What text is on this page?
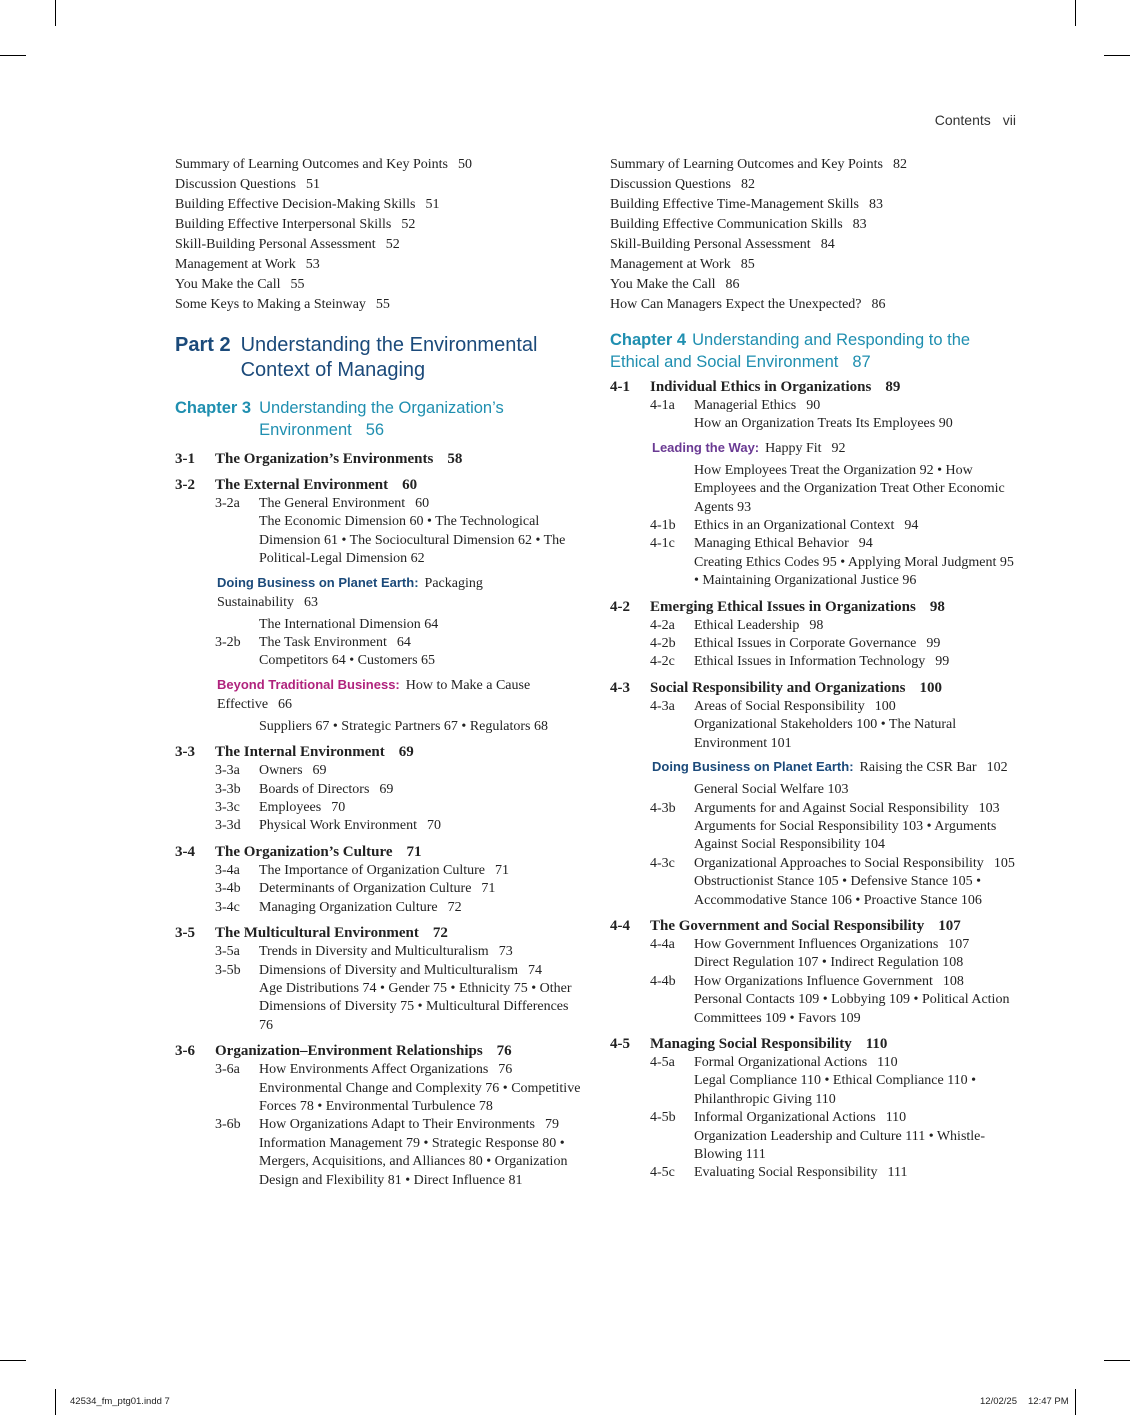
Contents vii
Summary of Learning Outcomes and Key Points 50
Discussion Questions 51
Building Effective Decision-Making Skills 51
Building Effective Interpersonal Skills 52
Skill-Building Personal Assessment 52
Management at Work 53
You Make the Call 55
Some Keys to Making a Steinway 55
Part 2 Understanding the Environmental Context of Managing
Chapter 3 Understanding the Organization’s Environment 56
3-1	The Organization’s Environments 58
3-2	The External Environment 60
3-2a	The General Environment 60
The Economic Dimension 60 • The Technological Dimension 61 • The Sociocultural Dimension 62 • The Political-Legal Dimension 62
Doing Business on Planet Earth: Packaging Sustainability 63
The International Dimension 64
3-2b	The Task Environment 64
Competitors 64 • Customers 65
Beyond Traditional Business: How to Make a Cause Effective 66
Suppliers 67 • Strategic Partners 67 • Regulators 68
3-3	The Internal Environment 69
3-3a	Owners 69
3-3b	Boards of Directors 69
3-3c	Employees 70
3-3d	Physical Work Environment 70
3-4	The Organization’s Culture 71
3-4a	The Importance of Organization Culture 71
3-4b	Determinants of Organization Culture 71
3-4c	Managing Organization Culture 72
3-5	The Multicultural Environment 72
3-5a	Trends in Diversity and Multiculturalism 73
3-5b	Dimensions of Diversity and Multiculturalism 74
Age Distributions 74 • Gender 75 • Ethnicity 75 • Other Dimensions of Diversity 75 • Multicultural Differences 76
3-6	Organization–Environment Relationships 76
3-6a	How Environments Affect Organizations 76
Environmental Change and Complexity 76 • Competitive Forces 78 • Environmental Turbulence 78
3-6b	How Organizations Adapt to Their Environments 79
Information Management 79 • Strategic Response 80 • Mergers, Acquisitions, and Alliances 80 • Organization Design and Flexibility 81 • Direct Influence 81
Summary of Learning Outcomes and Key Points 82
Discussion Questions 82
Building Effective Time-Management Skills 83
Building Effective Communication Skills 83
Skill-Building Personal Assessment 84
Management at Work 85
You Make the Call 86
How Can Managers Expect the Unexpected? 86
Chapter 4 Understanding and Responding to the Ethical and Social Environment 87
4-1	Individual Ethics in Organizations 89
4-1a	Managerial Ethics 90
How an Organization Treats Its Employees 90
Leading the Way: Happy Fit 92
How Employees Treat the Organization 92 • How Employees and the Organization Treat Other Economic Agents 93
4-1b	Ethics in an Organizational Context 94
4-1c	Managing Ethical Behavior 94
Creating Ethics Codes 95 • Applying Moral Judgment 95 • Maintaining Organizational Justice 96
4-2	Emerging Ethical Issues in Organizations 98
4-2a	Ethical Leadership 98
4-2b	Ethical Issues in Corporate Governance 99
4-2c	Ethical Issues in Information Technology 99
4-3	Social Responsibility and Organizations 100
4-3a	Areas of Social Responsibility 100
Organizational Stakeholders 100 • The Natural Environment 101
Doing Business on Planet Earth: Raising the CSR Bar 102
General Social Welfare 103
4-3b	Arguments for and Against Social Responsibility 103
Arguments for Social Responsibility 103 • Arguments Against Social Responsibility 104
4-3c	Organizational Approaches to Social Responsibility 105
Obstructionist Stance 105 • Defensive Stance 105 • Accommodative Stance 106 • Proactive Stance 106
4-4	The Government and Social Responsibility 107
4-4a	How Government Influences Organizations 107
Direct Regulation 107 • Indirect Regulation 108
4-4b	How Organizations Influence Government 108
Personal Contacts 109 • Lobbying 109 • Political Action Committees 109 • Favors 109
4-5	Managing Social Responsibility 110
4-5a	Formal Organizational Actions 110
Legal Compliance 110 • Ethical Compliance 110 • Philanthropic Giving 110
4-5b	Informal Organizational Actions 110
Organization Leadership and Culture 111 • Whistle-Blowing 111
4-5c	Evaluating Social Responsibility 111
42534_fm_ptg01.indd 7	12/02/25 12:47 PM
